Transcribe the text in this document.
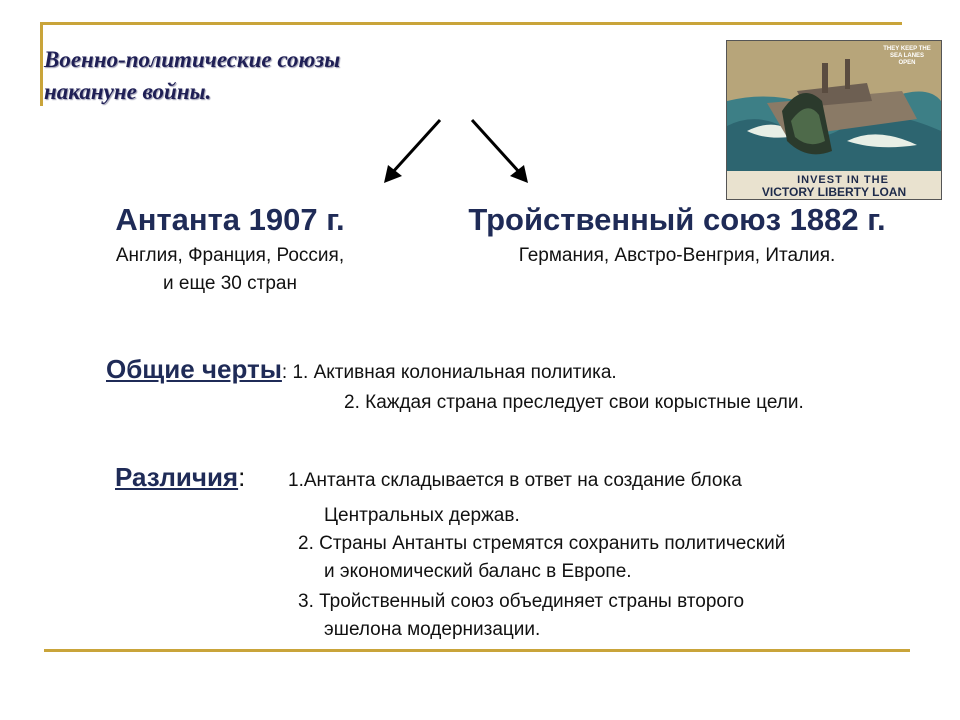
Военно-политические союзы
накануне войны.
THEY KEEP THE
SEA LANES
OPEN
INVEST IN THE
VICTORY LIBERTY LOAN
Антанта 1907 г.
Англия, Франция, Россия,
и еще 30 стран
Тройственный союз 1882 г.
Германия, Австро-Венгрия, Италия.
Общие черты: 1. Активная колониальная политика.
2. Каждая страна преследует свои корыстные цели.
Различия: 1.Антанта складывается в ответ на создание блока
Центральных держав.
2. Страны Антанты стремятся сохранить политический
и экономический баланс в Европе.
3. Тройственный союз объединяет страны второго
эшелона модернизации.
